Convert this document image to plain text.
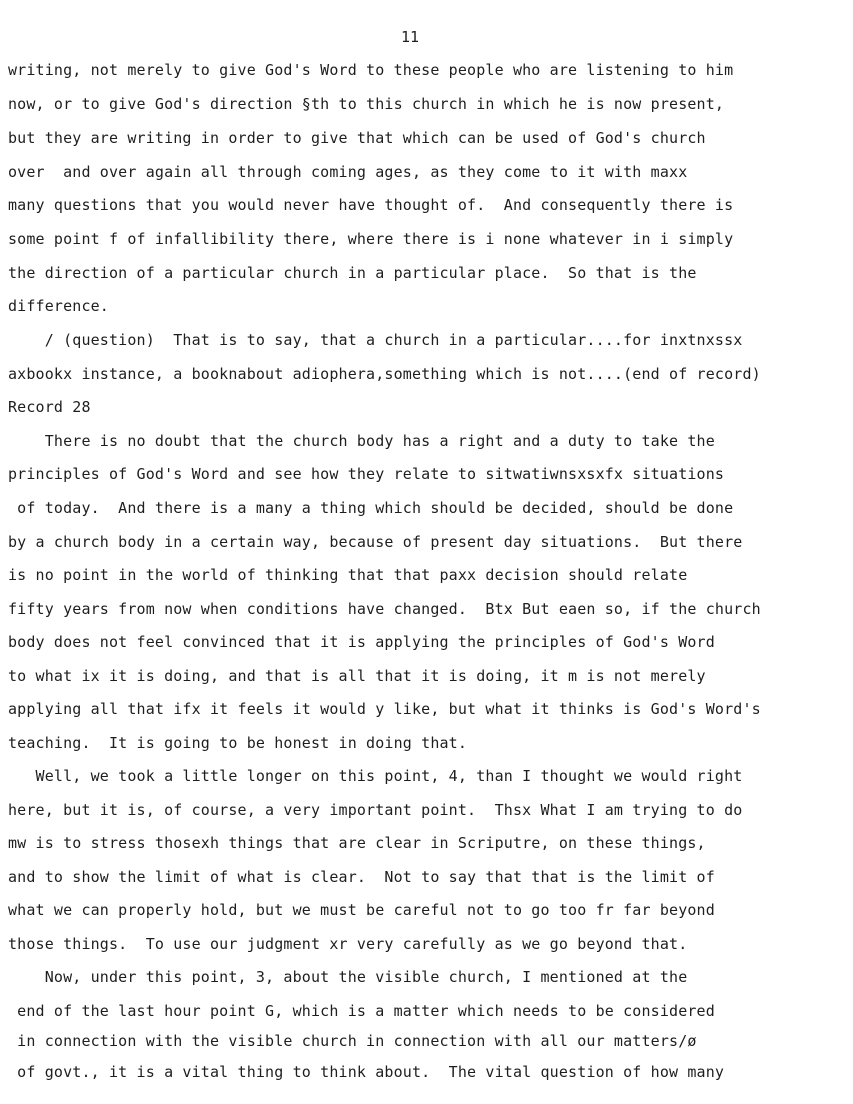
11
writing, not merely to give God's Word to these people who are listening to him
now, or to give God's direction §th to this church in which he is now present,
but they are writing in order to give that which can be used of God's church
over  and over again all through coming ages, as they come to it with maxx
many questions that you would never have thought of.  And consequently there is
some point f of infallibility there, where there is i none whatever in i simply
the direction of a particular church in a particular place.  So that is the
difference.
/ (question)  That is to say, that a church in a particular....for inxtnxssx
axbookx instance, a booknabout adiophera,something which is not....(end of record)
Record 28
There is no doubt that the church body has a right and a duty to take the
principles of God's Word and see how they relate to sitwatiwnsxsxfx situations
of today.  And there is a many a thing which should be decided, should be done
by a church body in a certain way, because of present day situations.  But there
is no point in the world of thinking that that paxx decision should relate
fifty years from now when conditions have changed.  Btx But eaen so, if the church
body does not feel convinced that it is applying the principles of God's Word
to what ix it is doing, and that is all that it is doing, it m is not merely
applying all that ifx it feels it would y like, but what it thinks is God's Word's
teaching.  It is going to be honest in doing that.
Well, we took a little longer on this point, 4, than I thought we would right
here, but it is, of course, a very important point.  Thsx What I am trying to do
mw is to stress thosexh things that are clear in Scriputre, on these things,
and to show the limit of what is clear.  Not to say that that is the limit of
what we can properly hold, but we must be careful not to go too fr far beyond
those things.  To use our judgment xr very carefully as we go beyond that.
Now, under this point, 3, about the visible church, I mentioned at the
end of the last hour point G, which is a matter which needs to be considered
in connection with the visible church in connection with all our matters/ø
of govt., it is a vital thing to think about.  The vital question of how many
